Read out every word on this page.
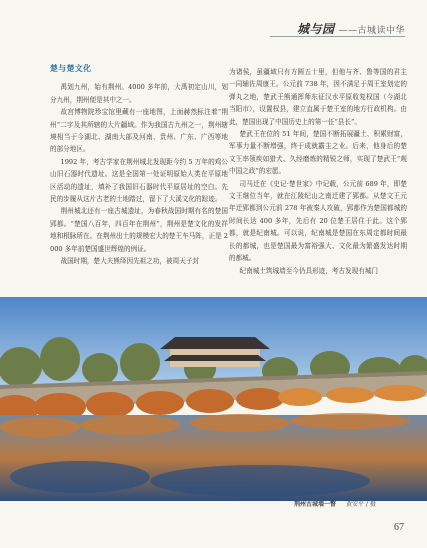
城与园 ——古城读中华

楚与楚文化

禹划九州，始有荆州。4000 多年前，大禹初定山川，划分九州，荆州便是其中之一。

故宫博物院珍宝馆里藏有一座地图，上面赫然标注着“荆州”二字及其所辖的大片疆域。作为我国古九州之一，荆州辖境相当于今湖北、湖南大部及河南、贵州、广东、广西等地的部分地区。

1992 年，考古学家在荆州城北发现距今约 5 万年的鸡公山旧石器时代遗址。这是全国第一处证明原始人类在平原地区活动的遗址，填补了我国旧石器时代平原居址的空白。先民的步履从这片古老的土地踏过，留下了大溪文化的踪迹。

荆州城北还有一座古城遗址，为春秋战国时期有名的楚国郢都。“楚国八百年，四百年在荆州”，荆州是楚文化的发祥地和根脉所在。在荆州出土的规模宏大的楚王车马阵，正是 2000 多年前楚国盛世辉煌的例证。

战国时期，楚大夫熊绎因先祖之功，被周天子封

为诸侯，虽疆域只有方圆五十里，但他与齐、鲁等国的君主一同辅佐周康王。公元前 738 年，因不满足于周王室划定的弹丸之地，楚武王熊通挥师东征汉水平原收复权国（今湖北当阳市），设置权县，建立直属于楚王室的地方行政机构。由此，楚国出现了中国历史上的第一任“县长”。

楚武王在位的 51 年间，楚国不断拓展疆土、积累财富，军事力量不断增强，终于成就霸主之业。后来，他身后的楚文王率领疾如猎犬、久经磨炼的精锐之师，实现了楚武王“观中国之政”的宏愿。

司马迁在《史记·楚世家》中记载，公元前 689 年，即楚文王继位当年，就在江陵纪山之南迁建了郢都。从楚文王元年迁郢都到公元前 278 年被秦人攻破，郢都作为楚国都城的时间长达 400 多年，先后有 20 位楚王居住于此。这个郢都，就是纪南城。可以说，纪南城是楚国在东周定都时间最长的都城，也是楚国最为富裕强大、文化最为繁盛发达时期的都城。

纪南城土筑城墙至今仍具形迹，考古发现有城门

荆州古城墙一瞥 黄安平 / 摄
67
